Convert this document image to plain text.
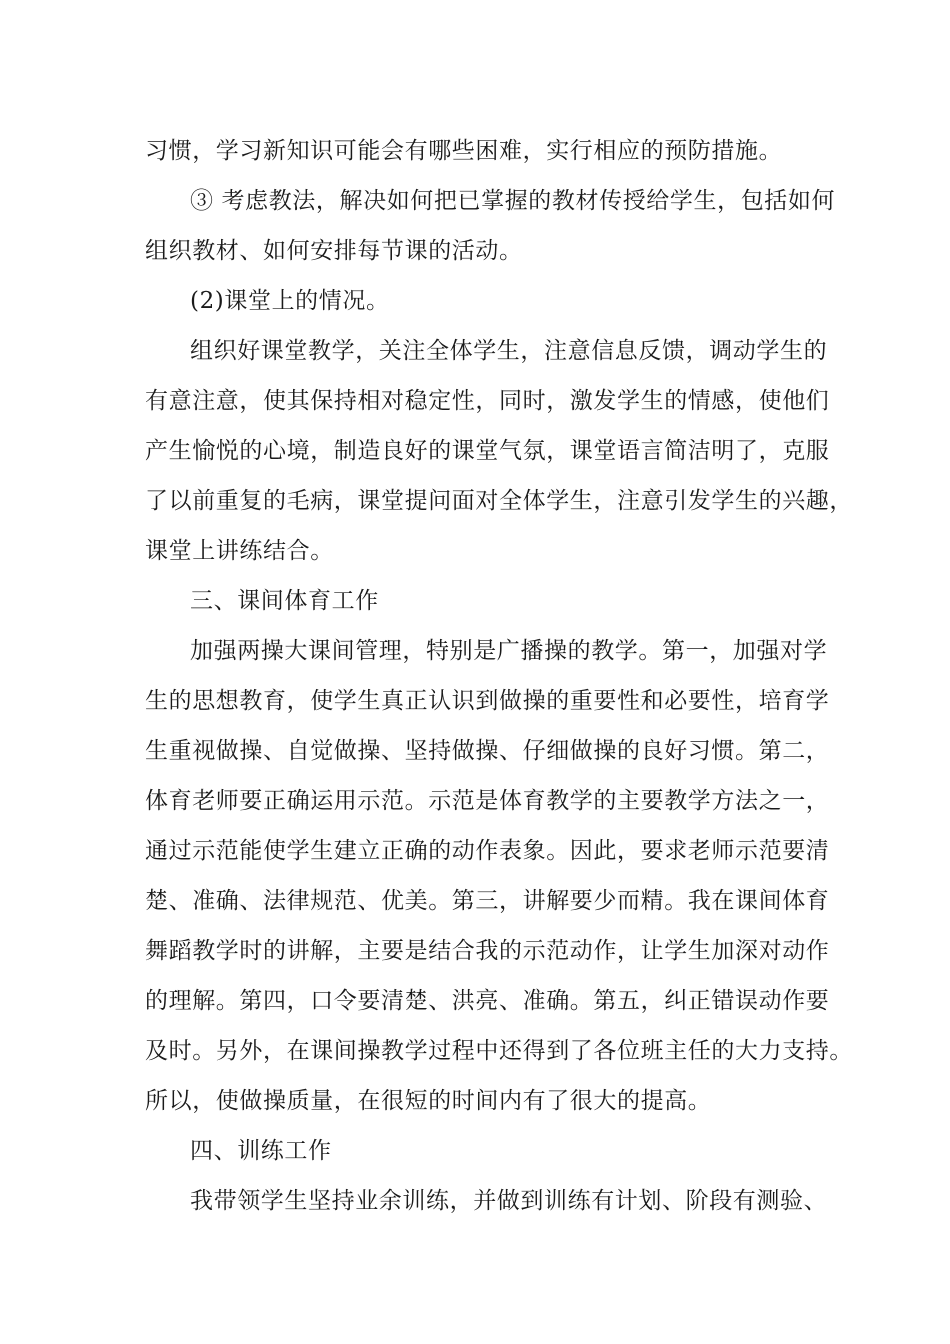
习惯，学习新知识可能会有哪些困难，实行相应的预防措施。
③ 考虑教法，解决如何把已掌握的教材传授给学生，包括如何
组织教材、如何安排每节课的活动。
(2)课堂上的情况。
组织好课堂教学，关注全体学生，注意信息反馈，调动学生的
有意注意，使其保持相对稳定性，同时，激发学生的情感，使他们
产生愉悦的心境，制造良好的课堂气氛，课堂语言简洁明了，克服
了以前重复的毛病，课堂提问面对全体学生，注意引发学生的兴趣，
课堂上讲练结合。
三、课间体育工作
加强两操大课间管理，特别是广播操的教学。第一，加强对学
生的思想教育，使学生真正认识到做操的重要性和必要性，培育学
生重视做操、自觉做操、坚持做操、仔细做操的良好习惯。第二，
体育老师要正确运用示范。示范是体育教学的主要教学方法之一，
通过示范能使学生建立正确的动作表象。因此，要求老师示范要清
楚、准确、法律规范、优美。第三，讲解要少而精。我在课间体育
舞蹈教学时的讲解，主要是结合我的示范动作，让学生加深对动作
的理解。第四，口令要清楚、洪亮、准确。第五，纠正错误动作要
及时。另外，在课间操教学过程中还得到了各位班主任的大力支持。
所以，使做操质量，在很短的时间内有了很大的提高。
四、训练工作
我带领学生坚持业余训练，并做到训练有计划、阶段有测验、
